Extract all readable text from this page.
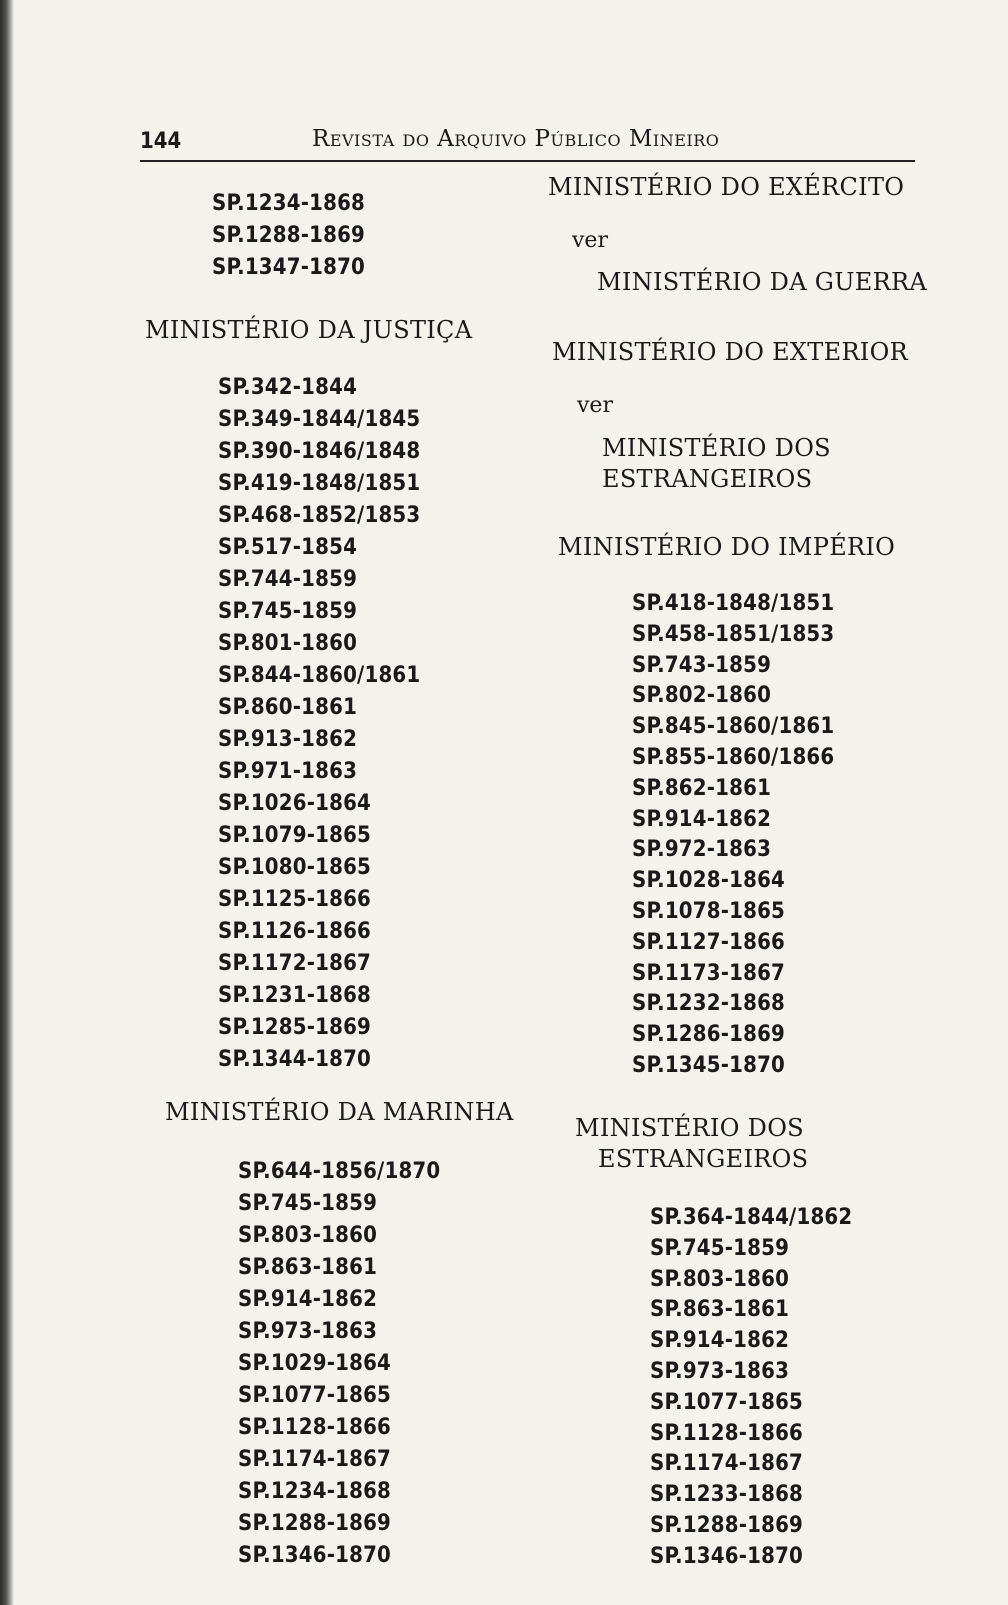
144	Revista do Arquivo Público Mineiro
SP.1234-1868
SP.1288-1869
SP.1347-1870
MINISTÉRIO DA JUSTIÇA
SP.342-1844
SP.349-1844/1845
SP.390-1846/1848
SP.419-1848/1851
SP.468-1852/1853
SP.517-1854
SP.744-1859
SP.745-1859
SP.801-1860
SP.844-1860/1861
SP.860-1861
SP.913-1862
SP.971-1863
SP.1026-1864
SP.1079-1865
SP.1080-1865
SP.1125-1866
SP.1126-1866
SP.1172-1867
SP.1231-1868
SP.1285-1869
SP.1344-1870
MINISTÉRIO DA MARINHA
SP.644-1856/1870
SP.745-1859
SP.803-1860
SP.863-1861
SP.914-1862
SP.973-1863
SP.1029-1864
SP.1077-1865
SP.1128-1866
SP.1174-1867
SP.1234-1868
SP.1288-1869
SP.1346-1870
MINISTÉRIO DO EXÉRCITO
ver
MINISTÉRIO DA GUERRA
MINISTÉRIO DO EXTERIOR
ver
MINISTÉRIO DOS
ESTRANGEIROS
MINISTÉRIO DO IMPÉRIO
SP.418-1848/1851
SP.458-1851/1853
SP.743-1859
SP.802-1860
SP.845-1860/1861
SP.855-1860/1866
SP.862-1861
SP.914-1862
SP.972-1863
SP.1028-1864
SP.1078-1865
SP.1127-1866
SP.1173-1867
SP.1232-1868
SP.1286-1869
SP.1345-1870
MINISTÉRIO DOS
ESTRANGEIROS
SP.364-1844/1862
SP.745-1859
SP.803-1860
SP.863-1861
SP.914-1862
SP.973-1863
SP.1077-1865
SP.1128-1866
SP.1174-1867
SP.1233-1868
SP.1288-1869
SP.1346-1870
